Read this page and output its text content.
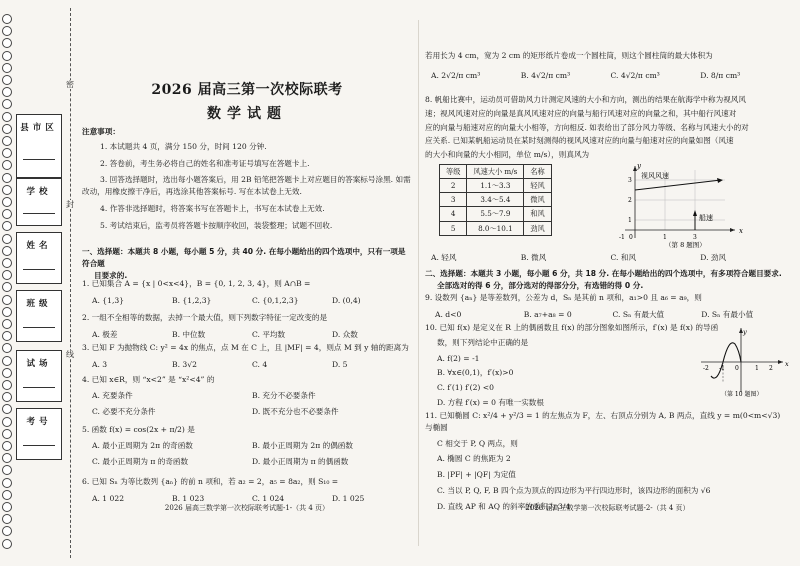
密
封
线
县市区
学校
姓名
班级
试场
考号
2026 届高三第一次校际联考
数学试题
注意事项：
1. 本试题共 4 页，满分 150 分，时间 120 分钟.
2. 答卷前，考生务必将自己的姓名和准考证号填写在答题卡上.
3. 回答选择题时，选出每小题答案后，用 2B 铅笔把答题卡上对应题目的答案标号涂黑. 如需
改动，用橡皮擦干净后，再选涂其他答案标号. 写在本试卷上无效.
4. 作答非选择题时，将答案书写在答题卡上，书写在本试卷上无效.
5. 考试结束后，监考员将答题卡按顺序收回，装袋整理；试题不回收.
一、选择题：本题共 8 小题，每小题 5 分，共 40 分. 在每小题给出的四个选项中，只有一项是符合题
目要求的.
1. 已知集合 A = {x | 0<x<4}，B = {0, 1, 2, 3, 4}，则 A∩B =
A. {1,3}	B. {1,2,3}	C. {0,1,2,3}	D. (0,4)
2. 一组不全相等的数据，去掉一个最大值，则下列数字特征一定改变的是
A. 极差	B. 中位数	C. 平均数	D. 众数
3. 已知 F 为抛物线 C: y² = 4x 的焦点，点 M 在 C 上，且 |MF| = 4，则点 M 到 y 轴的距离为
A. 3	B. 3√2	C. 4	D. 5
4. 已知 x∈R，则 “x<2” 是 “x²<4” 的
A. 充要条件	B. 充分不必要条件
C. 必要不充分条件	D. 既不充分也不必要条件
5. 函数 f(x) = cos(2x + π/2) 是
A. 最小正周期为 2π 的奇函数	B. 最小正周期为 2π 的偶函数
C. 最小正周期为 π 的奇函数	D. 最小正周期为 π 的偶函数
6. 已知 Sₙ 为等比数列 {aₙ} 的前 n 项和，若 a₂ = 2，a₅ = 8a₂，则 S₁₀ =
A. 1 022	B. 1 023	C. 1 024	D. 1 025
2026 届高三数学第一次校际联考试题-1-（共 4 页）
若用长为 4 cm，宽为 2 cm 的矩形纸片卷成一个圆柱筒，则这个圆柱筒的最大体积为
A. 2√2/π cm³	B. 4√2/π cm³	C. 4√2/π cm³	D. 8/π cm³
8. 帆船比赛中，运动员可借助风力计测定风速的大小和方向，测出的结果在航海学中称为视风风
速；视风风速对应的向量是真风风速对应的向量与船行风速对应的向量之和，其中船行风速对
应的向量与船速对应的向量大小相等，方向相反. 如表给出了部分风力等级、名称与风速大小的对
应关系. 已知某帆船运动员在某时刻测得的视风风速对应的向量与船速对应的向量如图（风速
的大小和向量的大小相同，单位 m/s），则真风为
等级	风速大小 m/s	名称
2	1.1～3.3	轻风
3	3.4～5.4	微风
4	5.5～7.9	和风
5	8.0～10.1	劲风
视风风速
船速
x
y
-1 0	1	3
1
2
3
（第 8 题图）
A. 轻风	B. 微风	C. 和风	D. 劲风
二、选择题：本题共 3 小题，每小题 6 分，共 18 分. 在每小题给出的四个选项中，有多项符合题目要求.
全部选对的得 6 分，部分选对的得部分分，有选错的得 0 分.
9. 设数列 {aₙ} 是等差数列，公差为 d，Sₙ 是其前 n 项和，a₁>0 且 a₆ = a₉，则
A. d<0	B. a₇+a₈ = 0	C. Sₙ 有最大值	D. Sₙ 有最小值
10. 已知 f(x) 是定义在 R 上的偶函数且 f(x) 的部分图象如图所示，f′(x) 是 f(x) 的导函
数，则下列结论中正确的是
A. f(2) = -1
B. ∀x∈(0,1)，f′(x)>0
C. f′(1) f′(2) <0
D. 方程 f′(x) = 0 有唯一实数根
x
y
-2 -1 0	1 2
（第 10 题图）
11. 已知椭圆 C: x²/4 + y²/3 = 1 的左焦点为 F，左、右顶点分别为 A, B 两点，直线 y = m(0<m<√3) 与椭圆
C 相交于 P, Q 两点，则
A. 椭圆 C 的焦距为 2
B. |PF| + |QF| 为定值
C. 当以 P, Q, F, B 四个点为顶点的四边形为平行四边形时，该四边形的面积为 √6
D. 直线 AP 和 AQ 的斜率的乘积为 3/4
2026 届高三数学第一次校际联考试题-2-（共 4 页）
